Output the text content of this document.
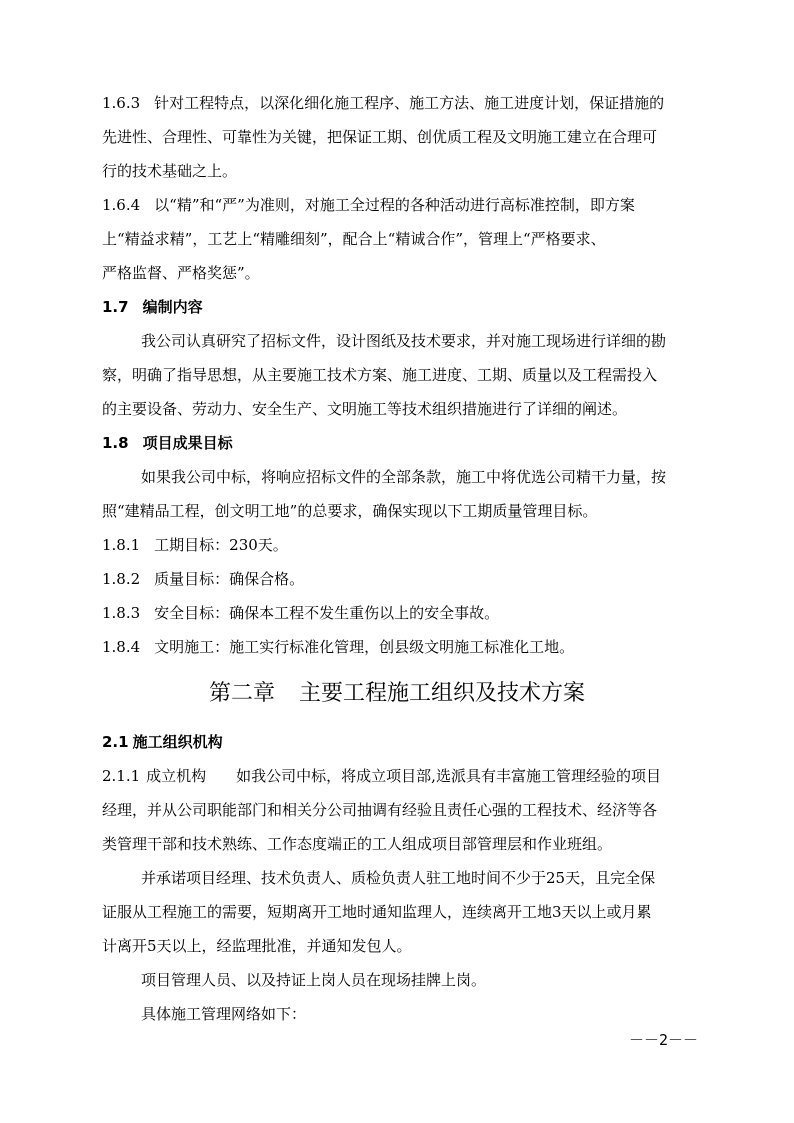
1.6.3 针对工程特点，以深化细化施工程序、施工方法、施工进度计划，保证措施的
先进性、合理性、可靠性为关键，把保证工期、创优质工程及文明施工建立在合理可
行的技术基础之上。
1.6.4 以“精”和“严”为准则，对施工全过程的各种活动进行高标准控制，即方案
上“精益求精”，工艺上“精雕细刻”，配合上“精诚合作”，管理上“严格要求、
严格监督、严格奖惩”。
1.7 编制内容
我公司认真研究了招标文件，设计图纸及技术要求，并对施工现场进行详细的勘
察，明确了指导思想，从主要施工技术方案、施工进度、工期、质量以及工程需投入
的主要设备、劳动力、安全生产、文明施工等技术组织措施进行了详细的阐述。
1.8 项目成果目标
如果我公司中标，将响应招标文件的全部条款，施工中将优选公司精干力量，按
照“建精品工程，创文明工地”的总要求，确保实现以下工期质量管理目标。
1.8.1 工期目标：230天。
1.8.2 质量目标：确保合格。
1.8.3 安全目标：确保本工程不发生重伤以上的安全事故。
1.8.4 文明施工：施工实行标准化管理，创县级文明施工标准化工地。
第二章 主要工程施工组织及技术方案
2.1 施工组织机构
2.1.1 成立机构　　如我公司中标，将成立项目部,选派具有丰富施工管理经验的项目
经理，并从公司职能部门和相关分公司抽调有经验且责任心强的工程技术、经济等各
类管理干部和技术熟练、工作态度端正的工人组成项目部管理层和作业班组。
并承诺项目经理、技术负责人、质检负责人驻工地时间不少于25天，且完全保
证服从工程施工的需要，短期离开工地时通知监理人，连续离开工地3天以上或月累
计离开5天以上，经监理批准，并通知发包人。
项目管理人员、以及持证上岗人员在现场挂牌上岗。
具体施工管理网络如下：
－－2－－
